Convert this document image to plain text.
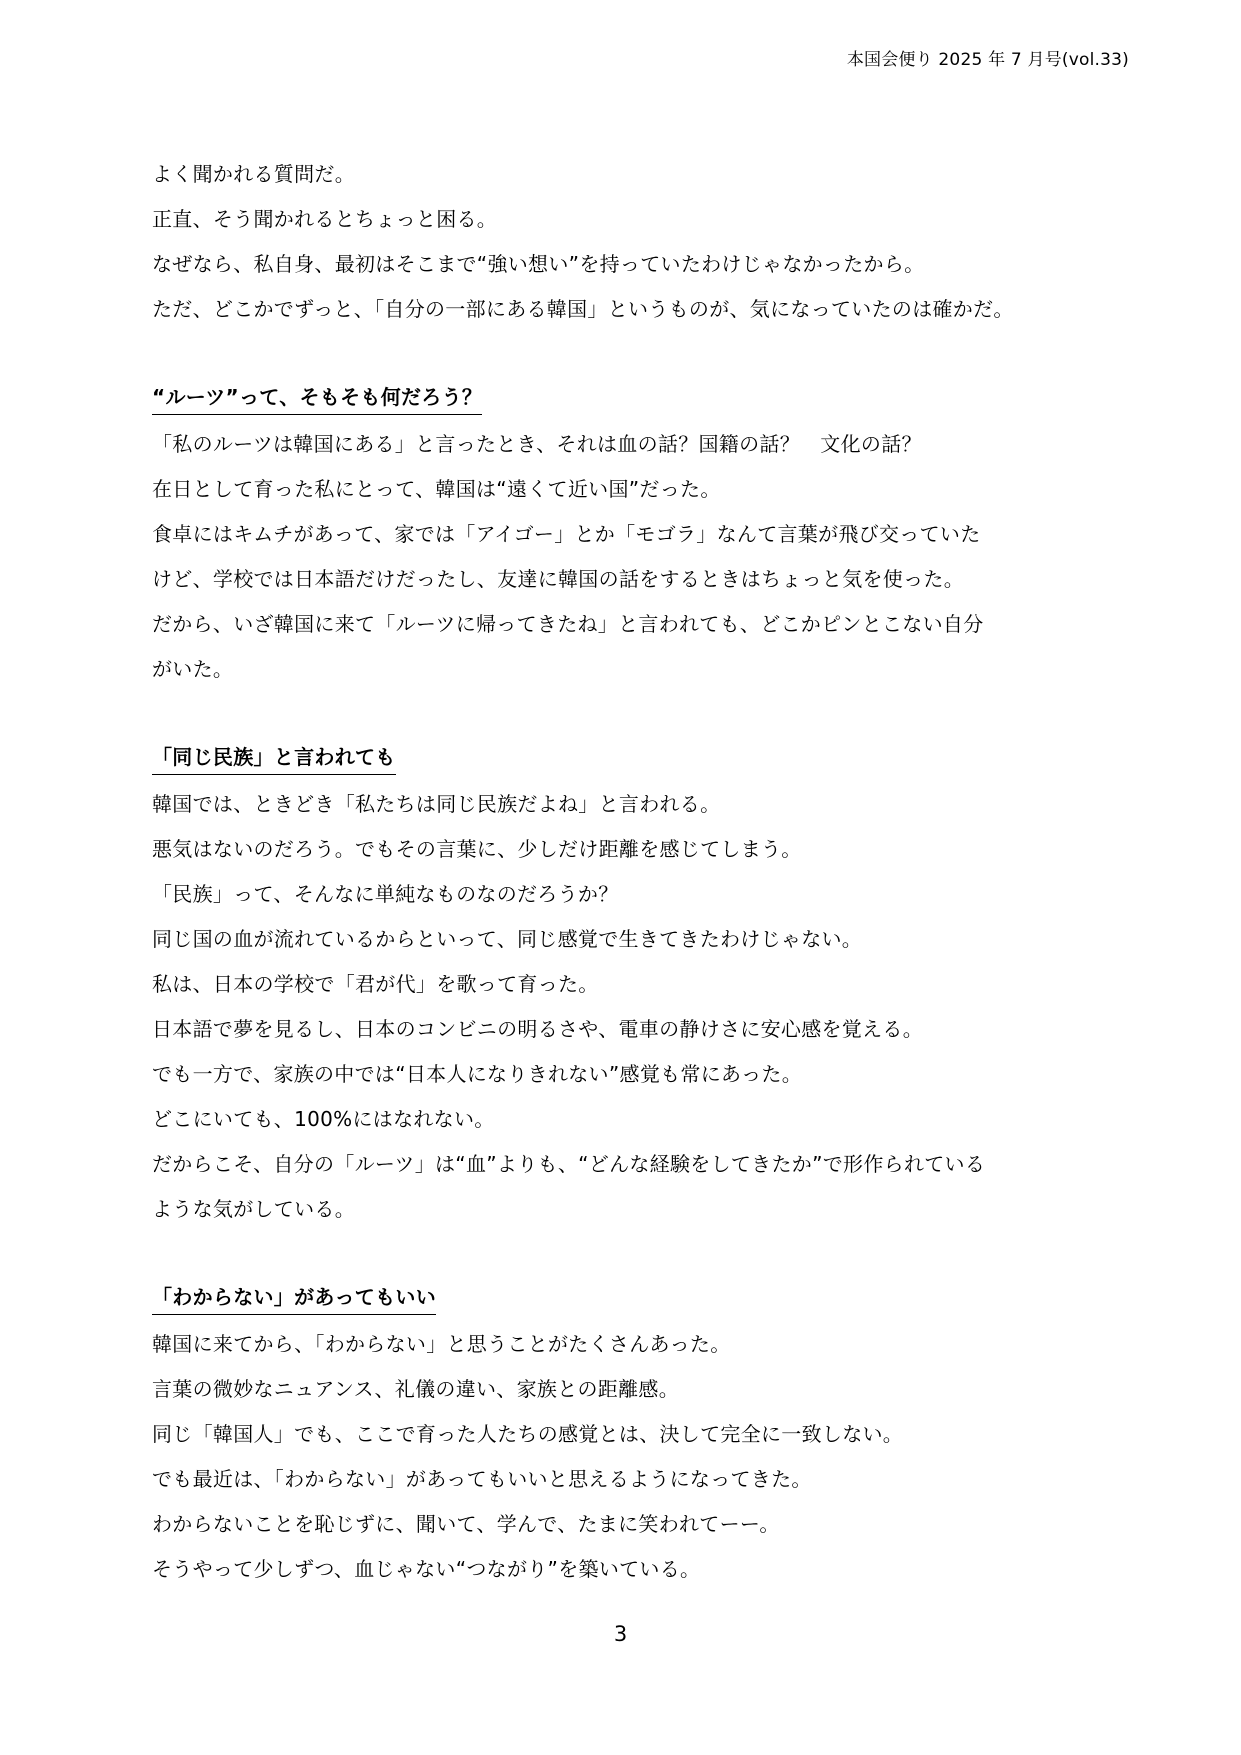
本国会便り 2025 年 7 月号(vol.33)
よく聞かれる質問だ。
正直、そう聞かれるとちょっと困る。
なぜなら、私自身、最初はそこまで“強い想い”を持っていたわけじゃなかったから。
ただ、どこかでずっと、「自分の一部にある韓国」というものが、気になっていたのは確かだ。
“ルーツ”って、そもそも何だろう？
「私のルーツは韓国にある」と言ったとき、それは血の話？国籍の話？　文化の話？
在日として育った私にとって、韓国は“遠くて近い国”だった。
食卓にはキムチがあって、家では「アイゴー」とか「モゴラ」なんて言葉が飛び交っていた
けど、学校では日本語だけだったし、友達に韓国の話をするときはちょっと気を使った。
だから、いざ韓国に来て「ルーツに帰ってきたね」と言われても、どこかピンとこない自分
がいた。
「同じ民族」と言われても
韓国では、ときどき「私たちは同じ民族だよね」と言われる。
悪気はないのだろう。でもその言葉に、少しだけ距離を感じてしまう。
「民族」って、そんなに単純なものなのだろうか？
同じ国の血が流れているからといって、同じ感覚で生きてきたわけじゃない。
私は、日本の学校で「君が代」を歌って育った。
日本語で夢を見るし、日本のコンビニの明るさや、電車の静けさに安心感を覚える。
でも一方で、家族の中では“日本人になりきれない”感覚も常にあった。
どこにいても、100%にはなれない。
だからこそ、自分の「ルーツ」は“血”よりも、“どんな経験をしてきたか”で形作られている
ような気がしている。
「わからない」があってもいい
韓国に来てから、「わからない」と思うことがたくさんあった。
言葉の微妙なニュアンス、礼儀の違い、家族との距離感。
同じ「韓国人」でも、ここで育った人たちの感覚とは、決して完全に一致しない。
でも最近は、「わからない」があってもいいと思えるようになってきた。
わからないことを恥じずに、聞いて、学んで、たまに笑われてーー。
そうやって少しずつ、血じゃない“つながり”を築いている。
3
